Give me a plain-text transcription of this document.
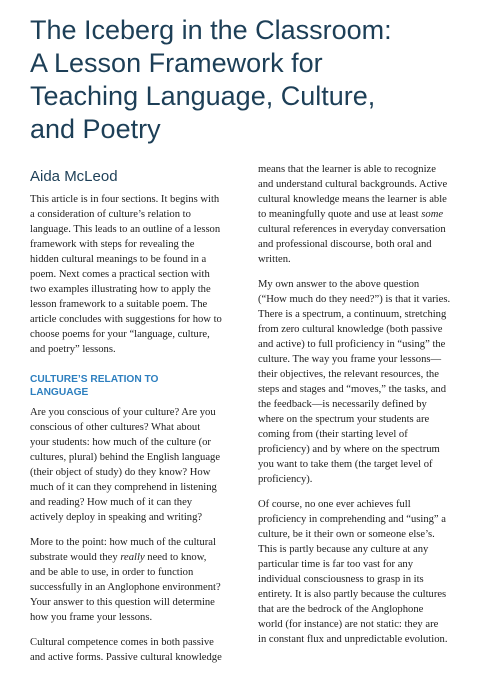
The Iceberg in the Classroom:
A Lesson Framework for
Teaching Language, Culture,
and Poetry
Aida McLeod

This article is in four sections. It begins with
a consideration of culture’s relation to
language. This leads to an outline of a lesson
framework with steps for revealing the
hidden cultural meanings to be found in a
poem. Next comes a practical section with
two examples illustrating how to apply the
lesson framework to a suitable poem. The
article concludes with suggestions for how to
choose poems for your “language, culture,
and poetry” lessons.

CULTURE’S RELATION TO
LANGUAGE

Are you conscious of your culture? Are you
conscious of other cultures? What about
your students: how much of the culture (or
cultures, plural) behind the English language
(their object of study) do they know? How
much of it can they comprehend in listening
and reading? How much of it can they
actively deploy in speaking and writing?

More to the point: how much of the cultural
substrate would they really need to know,
and be able to use, in order to function
successfully in an Anglophone environment?
Your answer to this question will determine
how you frame your lessons.

Cultural competence comes in both passive
and active forms. Passive cultural knowledge

means that the learner is able to recognize
and understand cultural backgrounds. Active
cultural knowledge means the learner is able
to meaningfully quote and use at least some
cultural references in everyday conversation
and professional discourse, both oral and
written.

My own answer to the above question
(“How much do they need?”) is that it varies.
There is a spectrum, a continuum, stretching
from zero cultural knowledge (both passive
and active) to full proficiency in “using” the
culture. The way you frame your lessons—
their objectives, the relevant resources, the
steps and stages and “moves,” the tasks, and
the feedback—is necessarily defined by
where on the spectrum your students are
coming from (their starting level of
proficiency) and by where on the spectrum
you want to take them (the target level of
proficiency).

Of course, no one ever achieves full
proficiency in comprehending and “using” a
culture, be it their own or someone else’s.
This is partly because any culture at any
particular time is far too vast for any
individual consciousness to grasp in its
entirety. It is also partly because the cultures
that are the bedrock of the Anglophone
world (for instance) are not static: they are
in constant flux and unpredictable evolution.
